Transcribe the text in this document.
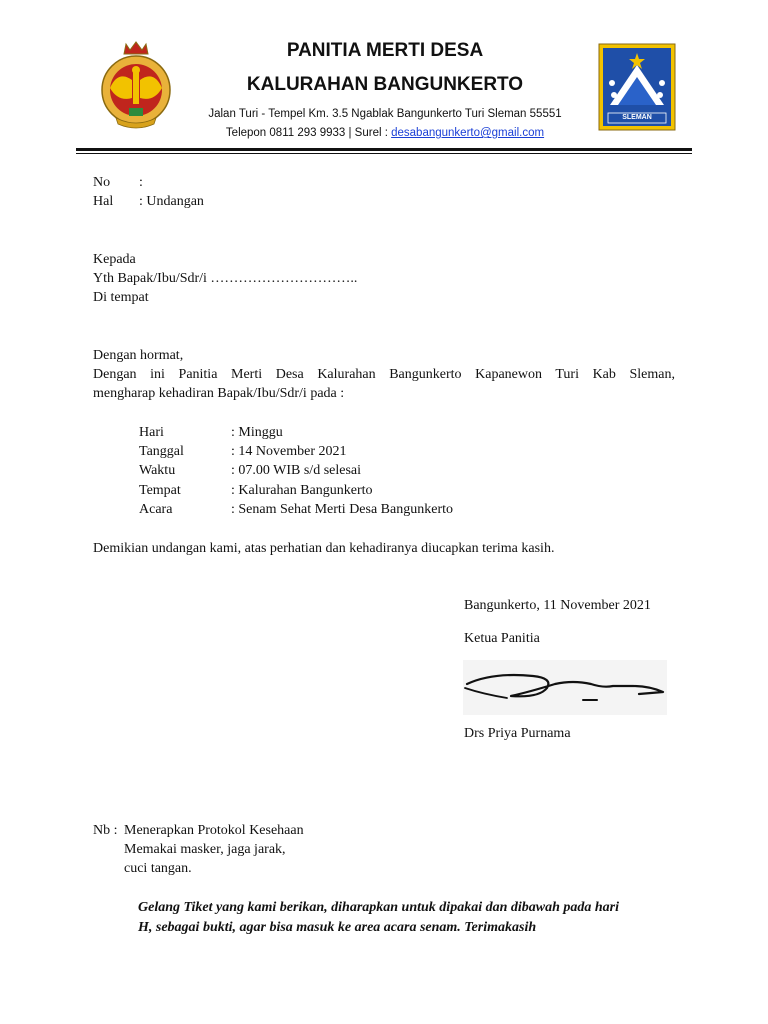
PANITIA MERTI DESA
KALURAHAN BANGUNKERTO
Jalan Turi - Tempel Km. 3.5 Ngablak Bangunkerto Turi Sleman 55551
Telepon 0811 293 9933 | Surel : desabangunkerto@gmail.com
SLEMAN
No :
Hal : Undangan
Kepada
Yth Bapak/Ibu/Sdr/i …………………………..
Di tempat
Dengan hormat,
Dengan ini Panitia Merti Desa Kalurahan Bangunkerto Kapanewon Turi Kab Sleman,
mengharap kehadiran Bapak/Ibu/Sdr/i pada :
Hari	: Minggu
Tanggal	: 14 November 2021
Waktu	: 07.00 WIB s/d selesai
Tempat	: Kalurahan Bangunkerto
Acara	: Senam Sehat Merti Desa Bangunkerto
Demikian undangan kami, atas perhatian dan kehadiranya diucapkan terima kasih.
Bangunkerto, 11 November 2021
Ketua Panitia
Drs Priya Purnama
Nb : Menerapkan Protokol Kesehaan
Memakai masker, jaga jarak,
cuci tangan.
Gelang Tiket yang kami berikan, diharapkan untuk dipakai dan dibawah pada hari
H, sebagai bukti, agar bisa masuk ke area acara senam. Terimakasih
